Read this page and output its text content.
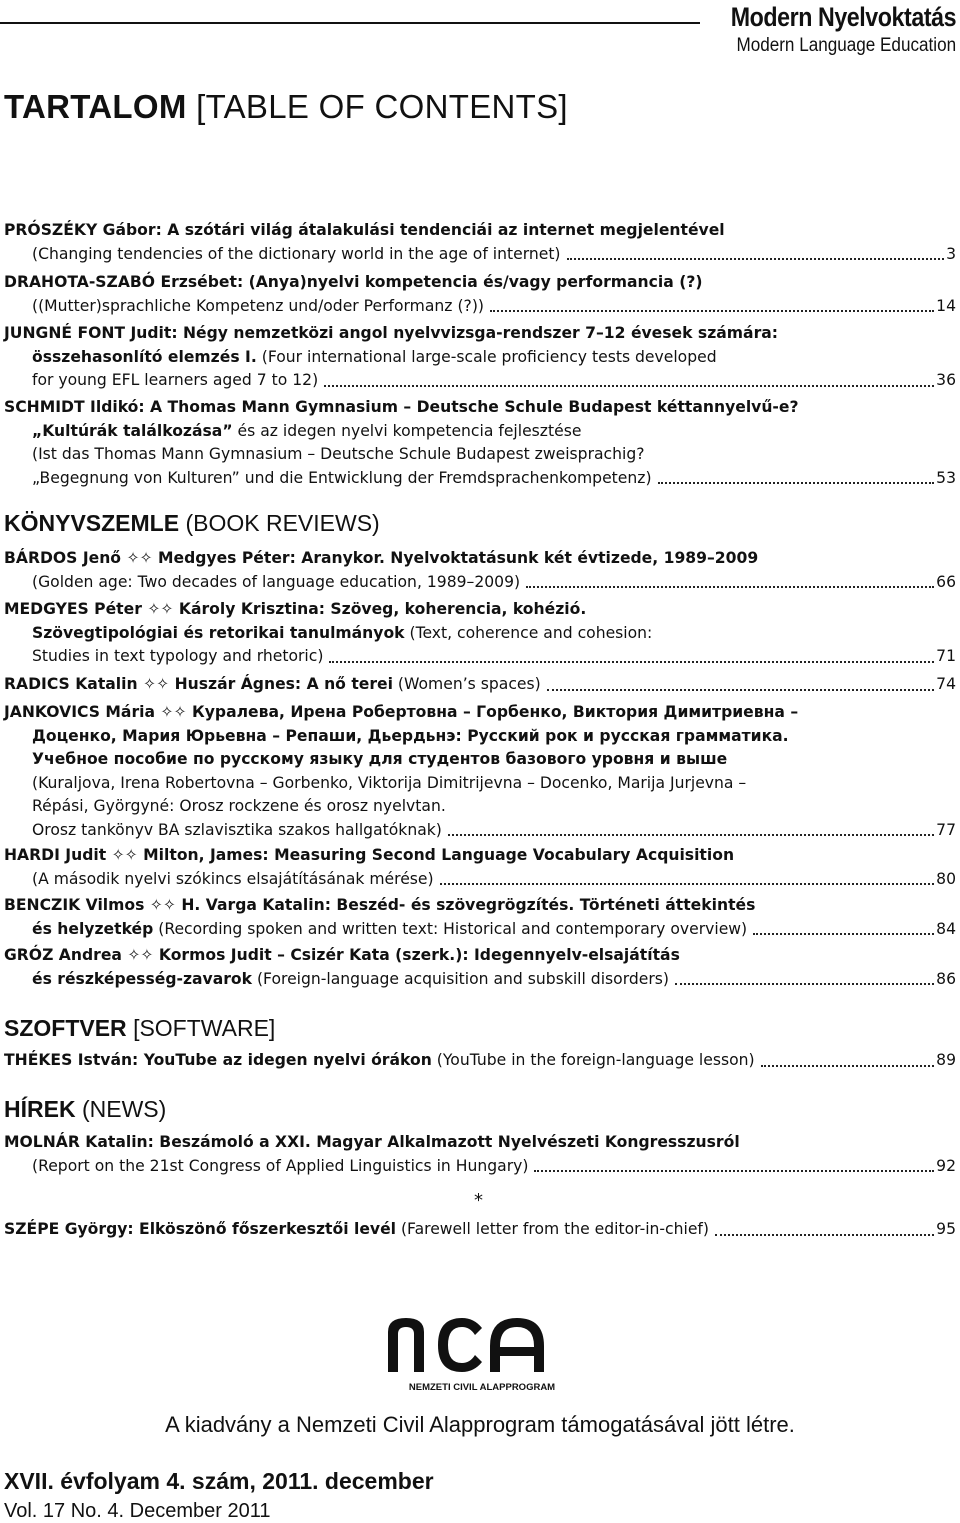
Modern Nyelvoktatás
Modern Language Education
TARTALOM [TABLE OF CONTENTS]
PRÓSZÉKY Gábor: A szótári világ átalakulási tendenciái az internet megjelentével
(Changing tendencies of the dictionary world in the age of internet)	3
DRAHOTA-SZABÓ Erzsébet: (Anya)nyelvi kompetencia és/vagy performancia (?)
((Mutter)sprachliche Kompetenz und/oder Performanz (?))	14
JUNGNÉ FONT Judit: Négy nemzetközi angol nyelvvizsga-rendszer 7–12 évesek számára:
összehasonlító elemzés I. (Four international large-scale proficiency tests developed
for young EFL learners aged 7 to 12)	36
SCHMIDT Ildikó: A Thomas Mann Gymnasium – Deutsche Schule Budapest kéttannyelvű-e?
„Kultúrák találkozása” és az idegen nyelvi kompetencia fejlesztése
(Ist das Thomas Mann Gymnasium – Deutsche Schule Budapest zweisprachig?
„Begegnung von Kulturen” und die Entwicklung der Fremdsprachenkompetenz)	53
KÖNYVSZEMLE (BOOK REVIEWS)
BÁRDOS Jenő ✧✧ Medgyes Péter: Aranykor. Nyelvoktatásunk két évtizede, 1989–2009
(Golden age: Two decades of language education, 1989–2009)	66
MEDGYES Péter ✧✧ Károly Krisztina: Szöveg, koherencia, kohézió.
Szövegtipológiai és retorikai tanulmányok (Text, coherence and cohesion:
Studies in text typology and rhetoric)	71
RADICS Katalin ✧✧ Huszár Ágnes: A nő terei (Women’s spaces)	74
JANKOVICS Mária ✧✧ Куралева, Ирена Робертовна – Горбенко, Виктория Димитриевна –
Доценко, Мария Юрьевна – Репаши, Дьердьнэ: Русский рок и русская грамматика.
Учебное пособие по русскому языку для студентов базового уровня и выше
(Kuraljova, Irena Robertovna – Gorbenko, Viktorija Dimitrijevna – Docenko, Marija Jurjevna –
Répási, Györgyné: Orosz rockzene és orosz nyelvtan.
Orosz tankönyv BA szlavisztika szakos hallgatóknak)	77
HARDI Judit ✧✧ Milton, James: Measuring Second Language Vocabulary Acquisition
(A második nyelvi szókincs elsajátításának mérése)	80
BENCZIK Vilmos ✧✧ H. Varga Katalin: Beszéd- és szövegrögzítés. Történeti áttekintés
és helyzetkép (Recording spoken and written text: Historical and contemporary overview)	84
GRÓZ Andrea ✧✧ Kormos Judit – Csizér Kata (szerk.): Idegennyelv-elsajátítás
és részképesség-zavarok (Foreign-language acquisition and subskill disorders)	86
SZOFTVER [SOFTWARE]
THÉKES István: YouTube az idegen nyelvi órákon (YouTube in the foreign-language lesson)	89
HÍREK (NEWS)
MOLNÁR Katalin: Beszámoló a XXI. Magyar Alkalmazott Nyelvészeti Kongresszusról
(Report on the 21st Congress of Applied Linguistics in Hungary)	92
*
SZÉPE György: Elköszönő főszerkesztői levél (Farewell letter from the editor-in-chief)	95
NEMZETI CIVIL ALAPPROGRAM
A kiadvány a Nemzeti Civil Alapprogram támogatásával jött létre.
XVII. évfolyam 4. szám, 2011. december
Vol. 17 No. 4. December 2011
